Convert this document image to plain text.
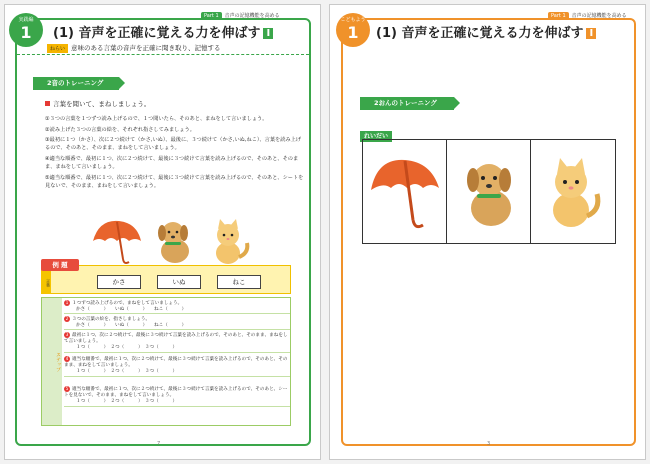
実践編
1
Part 1 音声の記憶機能を高める
(1) 音声を正確に覚える力を伸ばす Ⅰ
ねらい 意味のある言葉の音声を正確に聞き取り、記憶する
2音のトレーニング
言葉を聞いて、まねしましょう。

①３つの言葉を１つずつ読み上げるので、１つ聞いたら、そのあと、まねをして言いましょう。

②読み上げた３つの言葉の絵を、それぞれ指さしてみましょう。

③最初に１つ（かさ）、次に２つ続けて（かさ,いぬ）、最後に、３つ続けて（かさ,いぬ,ねこ）、言葉を読み上げるので、そのあと、そのまま、まねをして言いましょう。

④適当な順番で、最初に１つ、次に２つ続けて、最後に３つ続けて言葉を読み上げるので、そのあと、そのまま、まねをして言いましょう。

⑤適当な順番で、最初に１つ、次に２つ続けて、最後に３つ続けて言葉を読み上げるので、そのあと、シートを見ないで、そのまま、まねをして言いましょう。

例 題
言葉	かさ	いぬ	ねこ
ステップ
1 １つずつ読み上げるので、まねをして言いましょう。
かさ（　　　）　　いぬ（　　　）　　ねこ（　　　）
2 ３つの言葉の絵を、指さしましょう。
かさ（　　　）　　いぬ（　　　）　　ねこ（　　　）
3 最初に１つ、次に２つ続けて、最後に３つ続けて言葉を読み上げるので、そのあと、そのまま、まねをして言いましょう。
１つ（　　　）　２つ（　　　）　３つ（　　　）
4 適当な順番で、最初に１つ、次に２つ続けて、最後に３つ続けて言葉を読み上げるので、そのあと、そのまま、まねをして言いましょう。
１つ（　　　）　２つ（　　　）　３つ（　　　）
5 適当な順番で、最初に１つ、次に２つ続けて、最後に３つ続けて言葉を読み上げるので、そのあと、シートを見ないで、そのまま、まねをして言いましょう。
１つ（　　　）　２つ（　　　）　３つ（　　　）
7
こどもよう
1
Part 1 音声の記憶機能を高める
(1) 音声を正確に覚える力を伸ばす Ⅰ
2おんのトレーニング
れいだい
3
